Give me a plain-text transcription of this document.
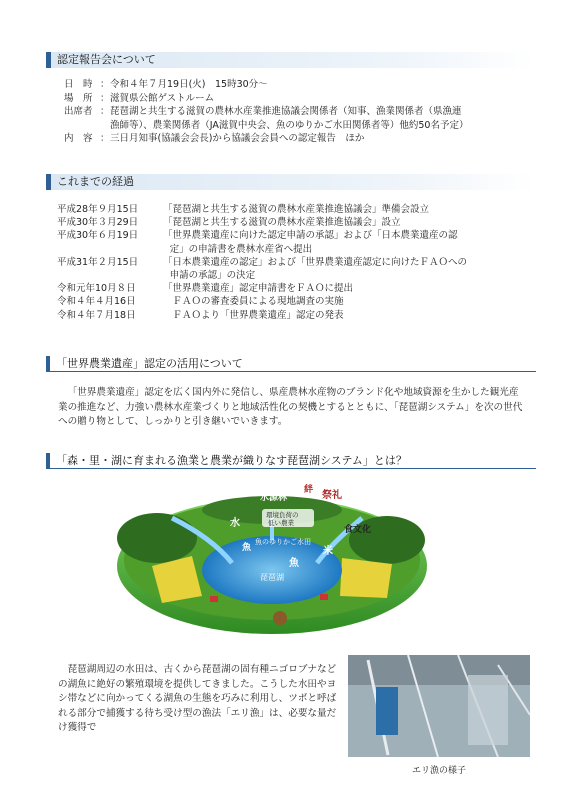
認定報告会について
日　時 ： 令和４年７月19日(火)　15時30分～
場　所 ： 滋賀県公館ゲストルーム
出席者 ： 琵琶湖と共生する滋賀の農林水産業推進協議会関係者（知事、漁業関係者（県漁連
漁師等）、農業関係者（JA滋賀中央会、魚のゆりかご水田関係者等）他約50名予定）
内　容 ： 三日月知事(協議会会長)から協議会会員への認定報告　ほか
これまでの経過
平成28年９月15日	「琵琶湖と共生する滋賀の農林水産業推進協議会」準備会設立
平成30年３月29日	「琵琶湖と共生する滋賀の農林水産業推進協議会」設立
平成30年６月19日	「世界農業遺産に向けた認定申請の承認」および「日本農業遺産の認
定」の申請書を農林水産省へ提出
平成31年２月15日	「日本農業遺産の認定」および「世界農業遺産認定に向けたＦＡＯへの
申請の承認」の決定
令和元年10月８日	「世界農業遺産」認定申請書をＦＡＯに提出
令和４年４月16日	　ＦＡＯの審査委員による現地調査の実施
令和４年７月18日	　ＦＡＯより「世界農業遺産」認定の発表
「世界農業遺産」認定の活用について
「世界農業遺産」認定を広く国内外に発信し、県産農林水産物のブランド化や地域資源を生かした観光産業の推進など、力強い農林水産業づくりと地域活性化の契機とするとともに、「琵琶湖システム」を次の世代への贈り物として、しっかりと引き継いでいきます。
「森・里・湖に育まれる漁業と農業が織りなす琵琶湖システム」とは？
水	水源林
絆 祭礼
水
環境負荷の
低い農業
魚
魚のゆりかご水田
食文化
魚
米
琵琶湖
琵琶湖周辺の水田は、古くから琵琶湖の固有種ニゴロブナなどの湖魚に絶好の繁殖環境を提供してきました。こうした水田やヨシ帯などに向かってくる湖魚の生態を巧みに利用し、ツボと呼ばれる部分で捕獲する待ち受け型の漁法「エリ漁」は、必要な量だけ獲得で
エリ漁の様子
